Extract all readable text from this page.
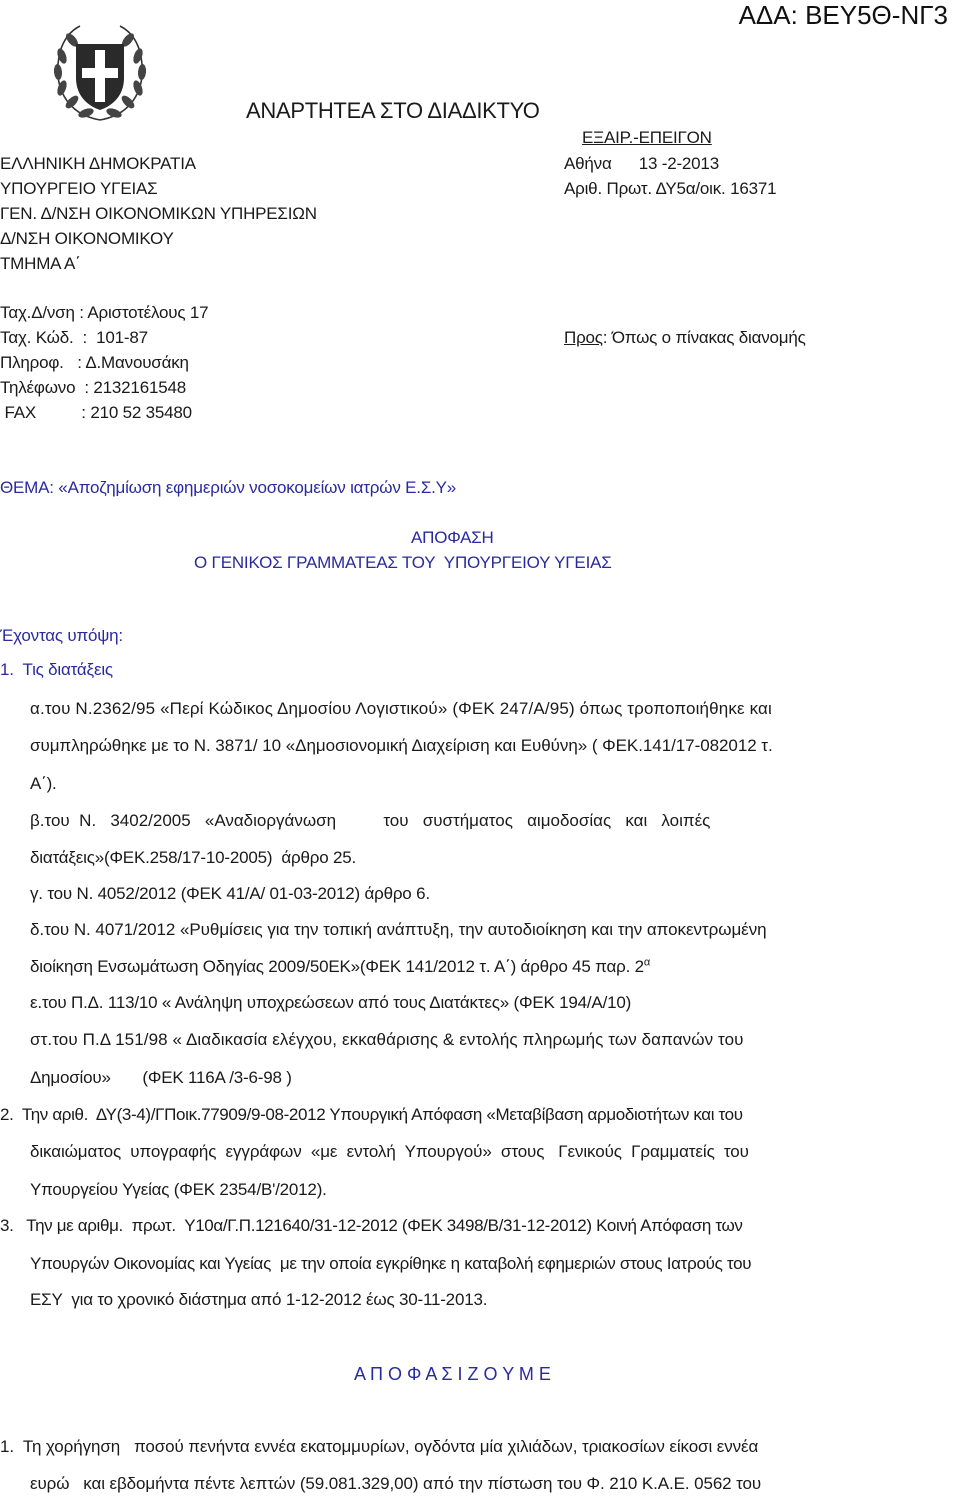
ΑΔΑ: ΒΕΥ5Θ-ΝΓ3
ΑΝΑΡΤΗΤΕΑ ΣΤΟ ΔΙΑΔΙΚΤΥΟ
ΕΛΛΗΝΙΚΗ ΔΗΜΟΚΡΑΤΙΑ
ΥΠΟΥΡΓΕΙΟ ΥΓΕΙΑΣ
ΓΕΝ. Δ/ΝΣΗ ΟΙΚΟΝΟΜΙΚΩΝ ΥΠΗΡΕΣΙΩΝ
Δ/ΝΣΗ ΟΙΚΟΝΟΜΙΚΟΥ
ΤΜΗΜΑ Α΄
ΕΞΑΙΡ.-ΕΠΕΙΓΟΝ
Αθήνα      13 -2-2013
Αριθ. Πρωτ. ΔΥ5α/οικ. 16371
Ταχ.Δ/νση : Αριστοτέλους 17
Ταχ. Κώδ.  :  101-87
Πληροφ.   : Δ.Μανουσάκη
Τηλέφωνο  : 2132161548
FAX          : 210 52 35480
Προς: Όπως ο πίνακας διανομής
ΘΕΜΑ: «Αποζημίωση εφημεριών νοσοκομείων ιατρών Ε.Σ.Υ»
ΑΠΟΦΑΣΗ
Ο ΓΕΝΙΚΟΣ ΓΡΑΜΜΑΤΕΑΣ ΤΟΥ  ΥΠΟΥΡΓΕΙΟΥ ΥΓΕΙΑΣ
Έχοντας υπόψη:
1.  Τις διατάξεις
α.του Ν.2362/95 «Περί Κώδικος Δημοσίου Λογιστικού» (ΦΕΚ 247/Α/95) όπως τροποποιήθηκε και
συμπληρώθηκε με το Ν. 3871/ 10 «Δημοσιονομική Διαχείριση και Ευθύνη» ( ΦΕΚ.141/17-082012 τ.
Α΄).
β.του  Ν.   3402/2005   «Αναδιοργάνωση          του   συστήματος   αιμοδοσίας   και   λοιπές
διατάξεις»(ΦΕΚ.258/17-10-2005)  άρθρο 25.
γ. του Ν. 4052/2012 (ΦΕΚ 41/Α/ 01-03-2012) άρθρο 6.
δ.του Ν. 4071/2012 «Ρυθμίσεις για την τοπική ανάπτυξη, την αυτοδιοίκηση και την αποκεντρωμένη
διοίκηση Ενσωμάτωση Οδηγίας 2009/50ΕΚ»(ΦΕΚ 141/2012 τ. Α΄) άρθρο 45 παρ. $2^\alpha$
ε.του Π.Δ. 113/10 « Ανάληψη υποχρεώσεων από τους Διατάκτες» (ΦΕΚ 194/Α/10)
στ.του Π.Δ 151/98 « Διαδικασία ελέγχου, εκκαθάρισης & εντολής πληρωμής των δαπανών του
Δημοσίου»       (ΦΕΚ 116Α /3-6-98 )
2.  Την αριθ.  ΔΥ(3-4)/ΓΠοικ.77909/9-08-2012 Υπουργική Απόφαση «Μεταβίβαση αρμοδιοτήτων και του
δικαιώματος  υπογραφής  εγγράφων  «με  εντολή  Υπουργού»  στους   Γενικούς  Γραμματείς  του
Υπουργείου Υγείας (ΦΕΚ 2354/Β'/2012).
3.   Την με αριθμ.  πρωτ.  Υ10α/Γ.Π.121640/31-12-2012 (ΦΕΚ 3498/Β/31-12-2012) Κοινή Απόφαση των
Υπουργών Οικονομίας και Υγείας  με την οποία εγκρίθηκε η καταβολή εφημεριών στους Ιατρούς του
ΕΣΥ  για το χρονικό διάστημα από 1-12-2012 έως 30-11-2013.
Α Π Ο Φ Α Σ Ι Ζ Ο Υ Μ Ε
1.  Τη χορήγηση   ποσού πενήντα εννέα εκατομμυρίων, ογδόντα μία χιλιάδων, τριακοσίων είκοσι εννέα
ευρώ   και εβδομήντα πέντε λεπτών (59.081.329,00) από την πίστωση του Φ. 210 Κ.Α.Ε. 0562 του
